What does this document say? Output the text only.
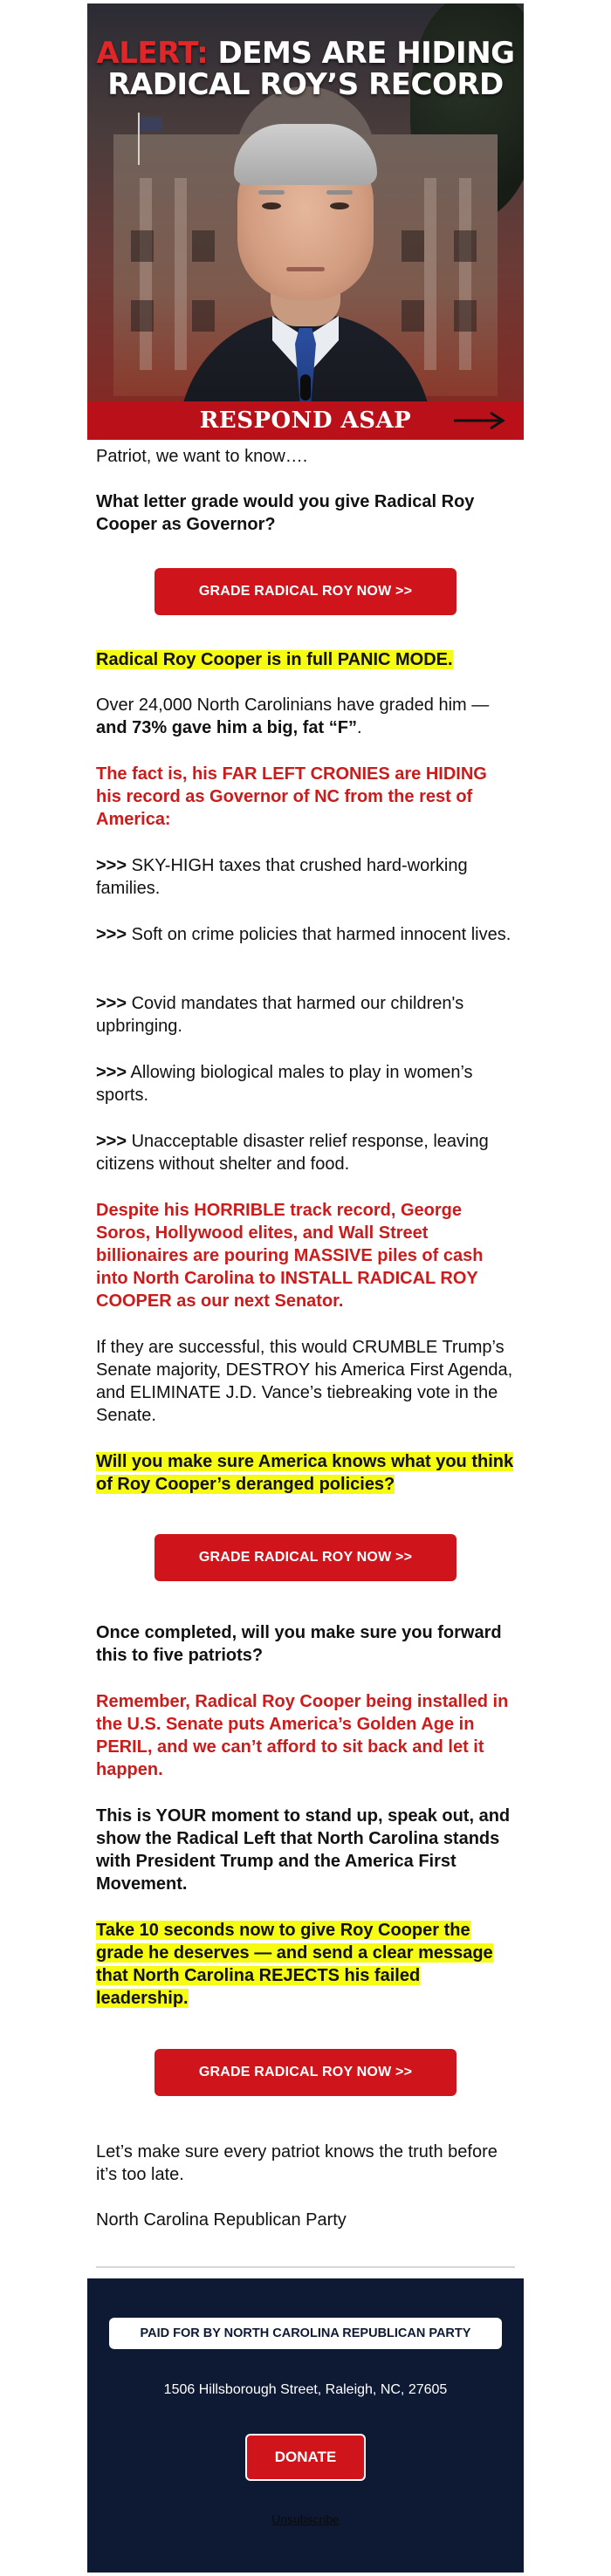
ALERT: DEMS ARE HIDING
RADICAL ROY’S RECORD
RESPOND ASAP

Patriot, we want to know….

What letter grade would you give Radical Roy Cooper as Governor?

GRADE RADICAL ROY NOW >>

Radical Roy Cooper is in full PANIC MODE.

Over 24,000 North Carolinians have graded him — and 73% gave him a big, fat “F”.

The fact is, his FAR LEFT CRONIES are HIDING his record as Governor of NC from the rest of America:

>>> SKY-HIGH taxes that crushed hard-working families.

>>> Soft on crime policies that harmed innocent lives.

>>> Covid mandates that harmed our children's upbringing.

>>> Allowing biological males to play in women’s sports.

>>> Unacceptable disaster relief response, leaving citizens without shelter and food.

Despite his HORRIBLE track record, George Soros, Hollywood elites, and Wall Street billionaires are pouring MASSIVE piles of cash into North Carolina to INSTALL RADICAL ROY COOPER as our next Senator.

If they are successful, this would CRUMBLE Trump’s Senate majority, DESTROY his America First Agenda, and ELIMINATE J.D. Vance’s tiebreaking vote in the Senate.

Will you make sure America knows what you think of Roy Cooper’s deranged policies?

GRADE RADICAL ROY NOW >>

Once completed, will you make sure you forward this to five patriots?

Remember, Radical Roy Cooper being installed in the U.S. Senate puts America’s Golden Age in PERIL, and we can’t afford to sit back and let it happen.

This is YOUR moment to stand up, speak out, and show the Radical Left that North Carolina stands with President Trump and the America First Movement.

Take 10 seconds now to give Roy Cooper the grade he deserves — and send a clear message that North Carolina REJECTS his failed leadership.

GRADE RADICAL ROY NOW >>

Let’s make sure every patriot knows the truth before it’s too late.

North Carolina Republican Party

PAID FOR BY NORTH CAROLINA REPUBLICAN PARTY
1506 Hillsborough Street, Raleigh, NC, 27605
DONATE
Unsubscribe
